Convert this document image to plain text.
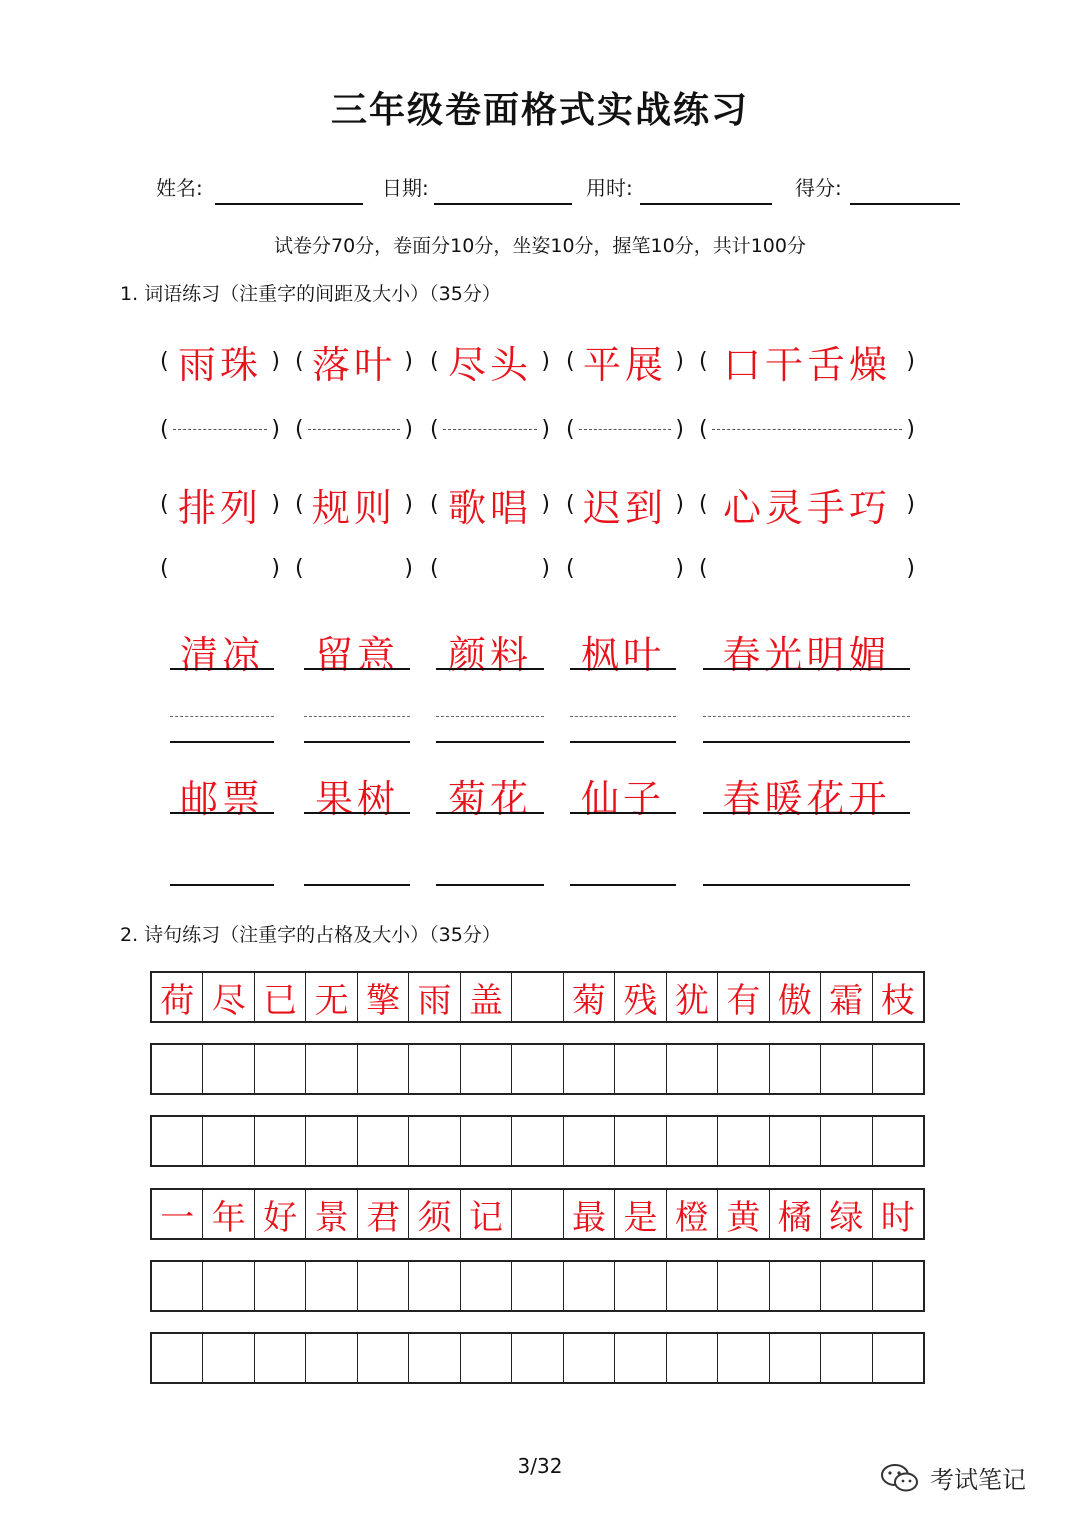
三年级卷面格式实战练习
姓名:	日期:	用时:	得分:
试卷分70分，卷面分10分，坐姿10分，握笔10分，共计100分
1. 词语练习（注重字的间距及大小）（35分）
( 雨珠 ) ( 落叶 ) ( 尽头 ) ( 平展 ) ( 口干舌燥 )
(	) (	) (	) (	) (	)
( 排列 ) ( 规则 ) ( 歌唱 ) ( 迟到 ) ( 心灵手巧 )
(	) (	) (	) (	) (	)
清凉 留意	颜料	枫叶	春光明媚
邮票 果树	菊花	仙子	春暖花开
2. 诗句练习（注重字的占格及大小）（35分）
荷 尽 已 无 擎 雨 盖 菊 残 犹 有 傲 霜 枝
一 年 好 景 君 须 记 最 是 橙 黄 橘 绿 时
3/32	考试笔记
